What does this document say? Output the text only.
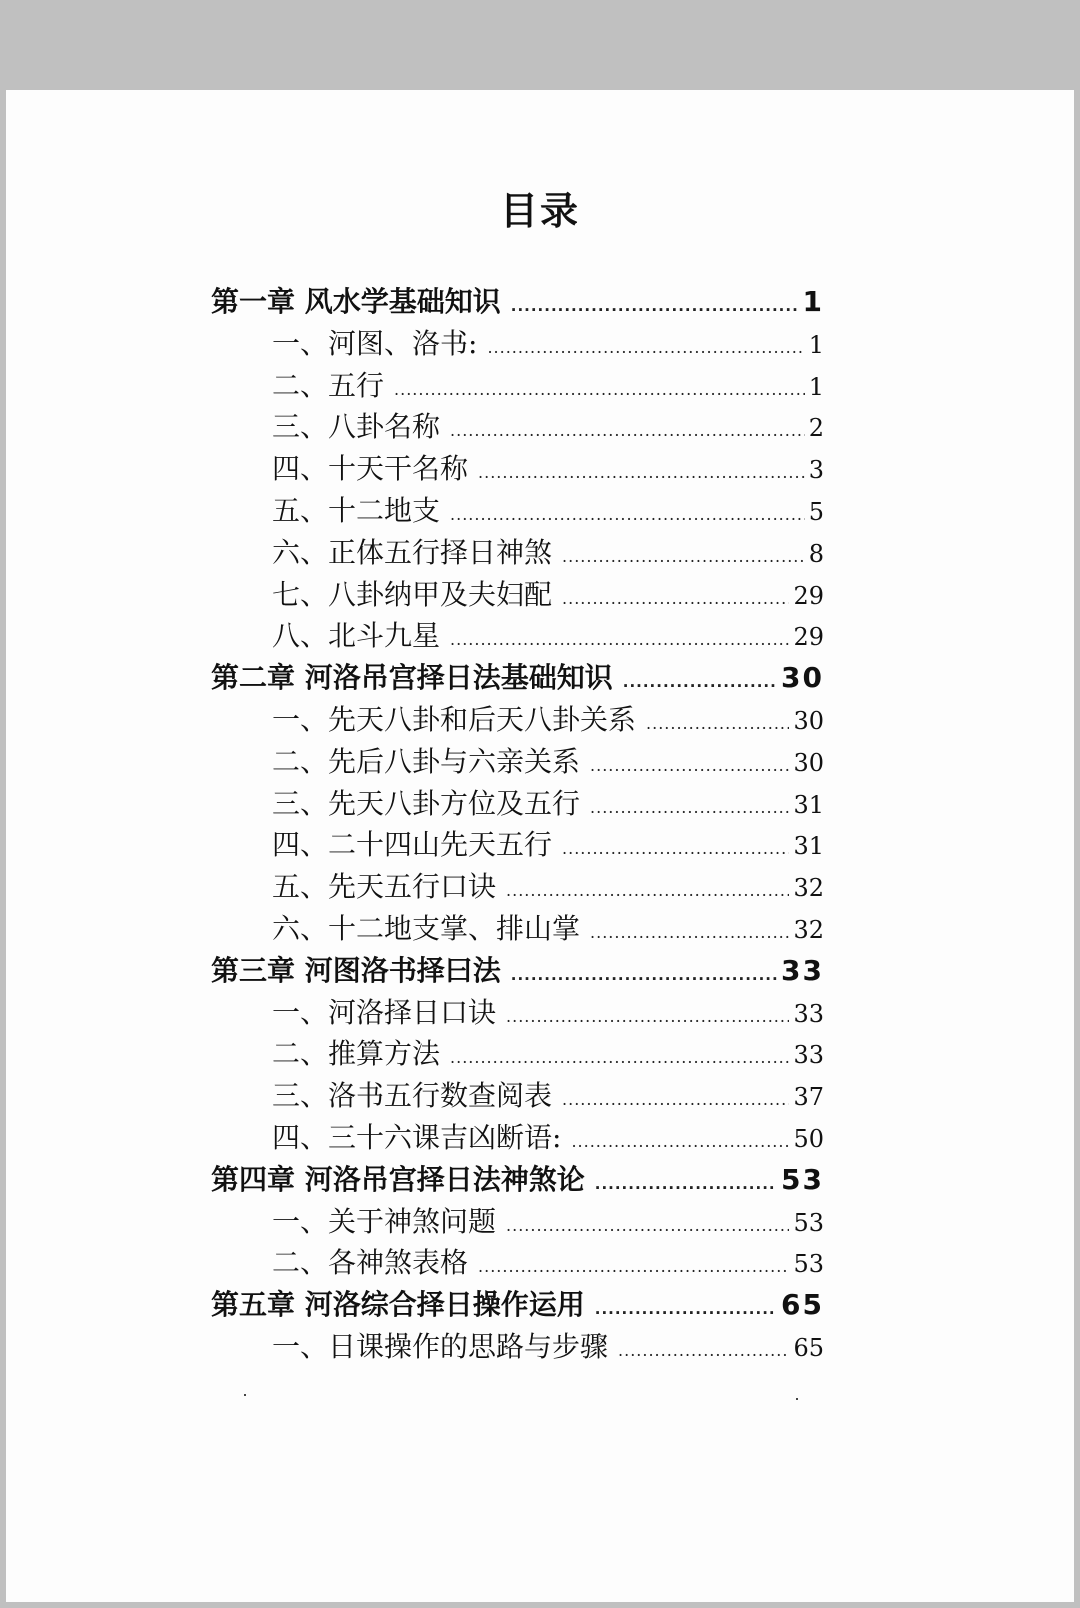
目录
第一章 风水学基础知识 .....	1
一、河图、洛书: .....	1
二、五行 .....	1
三、八卦名称 .....	2
四、十天干名称 .....	3
五、十二地支 .....	5
六、正体五行择日神煞 .....	8
七、八卦纳甲及夫妇配 .....	29
八、北斗九星 .....	29
第二章 河洛吊宫择日法基础知识 .....	30
一、先天八卦和后天八卦关系 .....	30
二、先后八卦与六亲关系 .....	30
三、先天八卦方位及五行 .....	31
四、二十四山先天五行 .....	31
五、先天五行口诀 .....	32
六、十二地支掌、排山掌 .....	32
第三章 河图洛书择曰法 .....	33
一、河洛择日口诀 .....	33
二、推算方法 .....	33
三、洛书五行数查阅表 .....	37
四、三十六课吉凶断语: .....	50
第四章 河洛吊宫择日法神煞论 .....	53
一、关于神煞问题 .....	53
二、各神煞表格 .....	53
第五章 河洛综合择日操作运用 .....	65
一、日课操作的思路与步骤 .....	65
